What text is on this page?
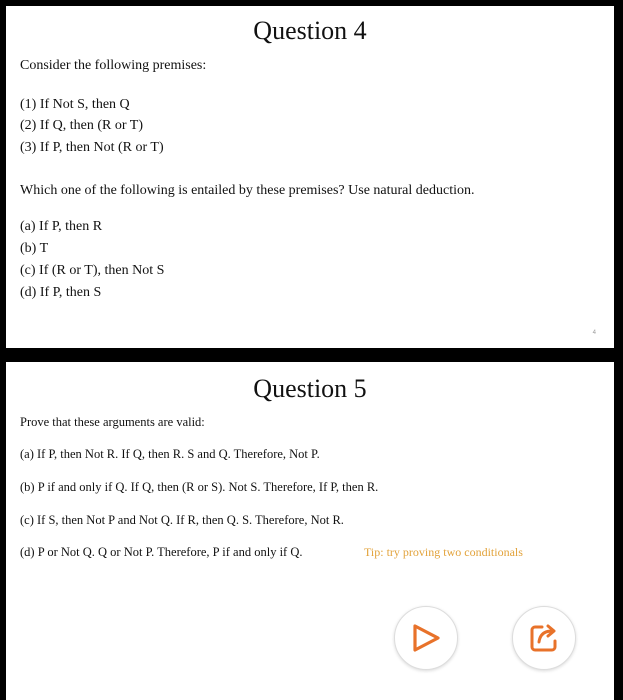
Question 4
Consider the following premises:
(1) If Not S, then Q
(2) If Q, then (R or T)
(3) If P, then Not (R or T)
Which one of the following is entailed by these premises? Use natural deduction.
(a) If P, then R
(b) T
(c) If (R or T), then Not S
(d) If P, then S
4
Question 5
Prove that these arguments are valid:
(a) If P, then Not R. If Q, then R. S and Q. Therefore, Not P.
(b) P if and only if Q. If Q, then (R or S). Not S. Therefore, If P, then R.
(c) If S, then Not P and Not Q. If R, then Q. S. Therefore, Not R.
(d) P or Not Q. Q or Not P. Therefore, P if and only if Q.	Tip: try proving two conditionals
